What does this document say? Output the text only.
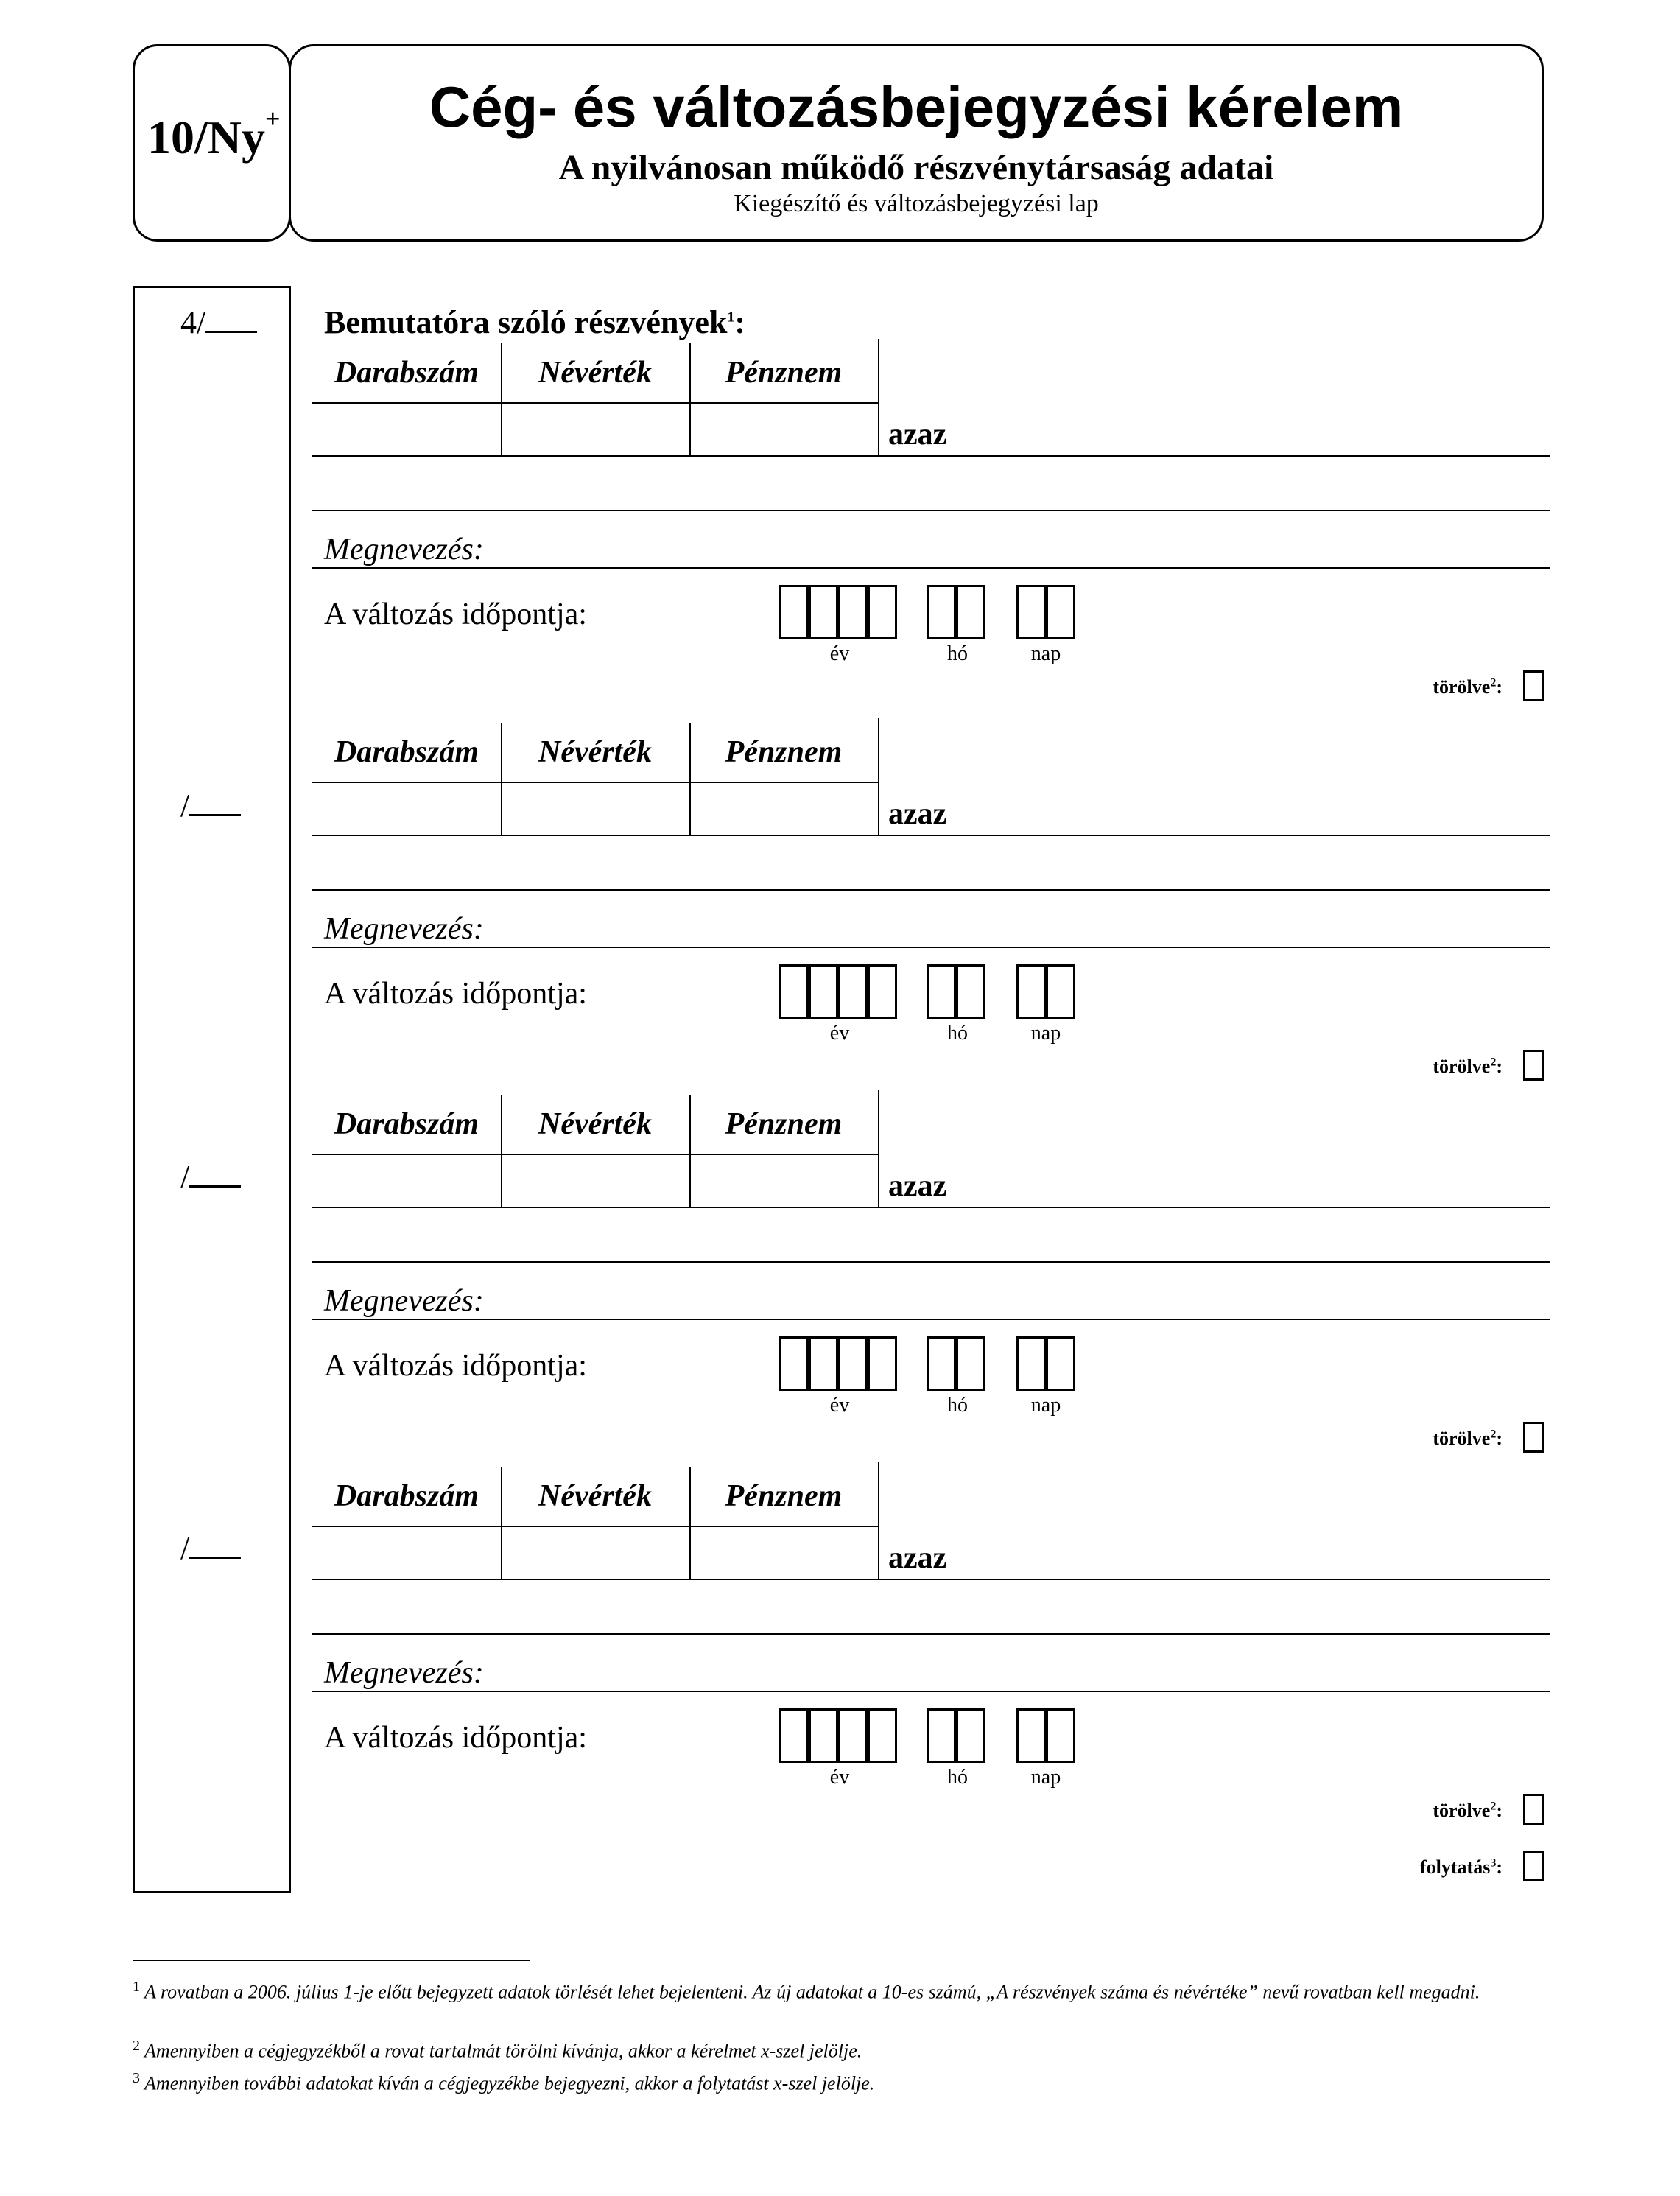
10/Ny+	Cég- és változásbejegyzési kérelem
A nyilvánosan működő részvénytársaság adatai
Kiegészítő és változásbejegyzési lap
Bemutatóra szóló részvények$^1$:
4/
Darabszám	Névérték	Pénznem
azaz
Megnevezés:
A változás időpontja:
év	hó	nap
törölve$^2$:
/
Darabszám	Névérték	Pénznem
azaz
Megnevezés:
A változás időpontja:
év	hó	nap
törölve$^2$:
/
Darabszám	Névérték	Pénznem
azaz
Megnevezés:
A változás időpontja:
év	hó	nap
törölve$^2$:
/
Darabszám	Névérték	Pénznem
azaz
Megnevezés:
A változás időpontja:
év	hó	nap
törölve$^2$:
folytatás$^3$:
$^1$ A rovatban a 2006. július 1-je előtt bejegyzett adatok törlését lehet bejelenteni. Az új adatokat a 10-es számú, „A részvények száma és névértéke” nevű rovatban kell megadni.
$^2$ Amennyiben a cégjegyzékből a rovat tartalmát törölni kívánja, akkor a kérelmet x-szel jelölje.
$^3$ Amennyiben további adatokat kíván a cégjegyzékbe bejegyezni, akkor a folytatást x-szel jelölje.
